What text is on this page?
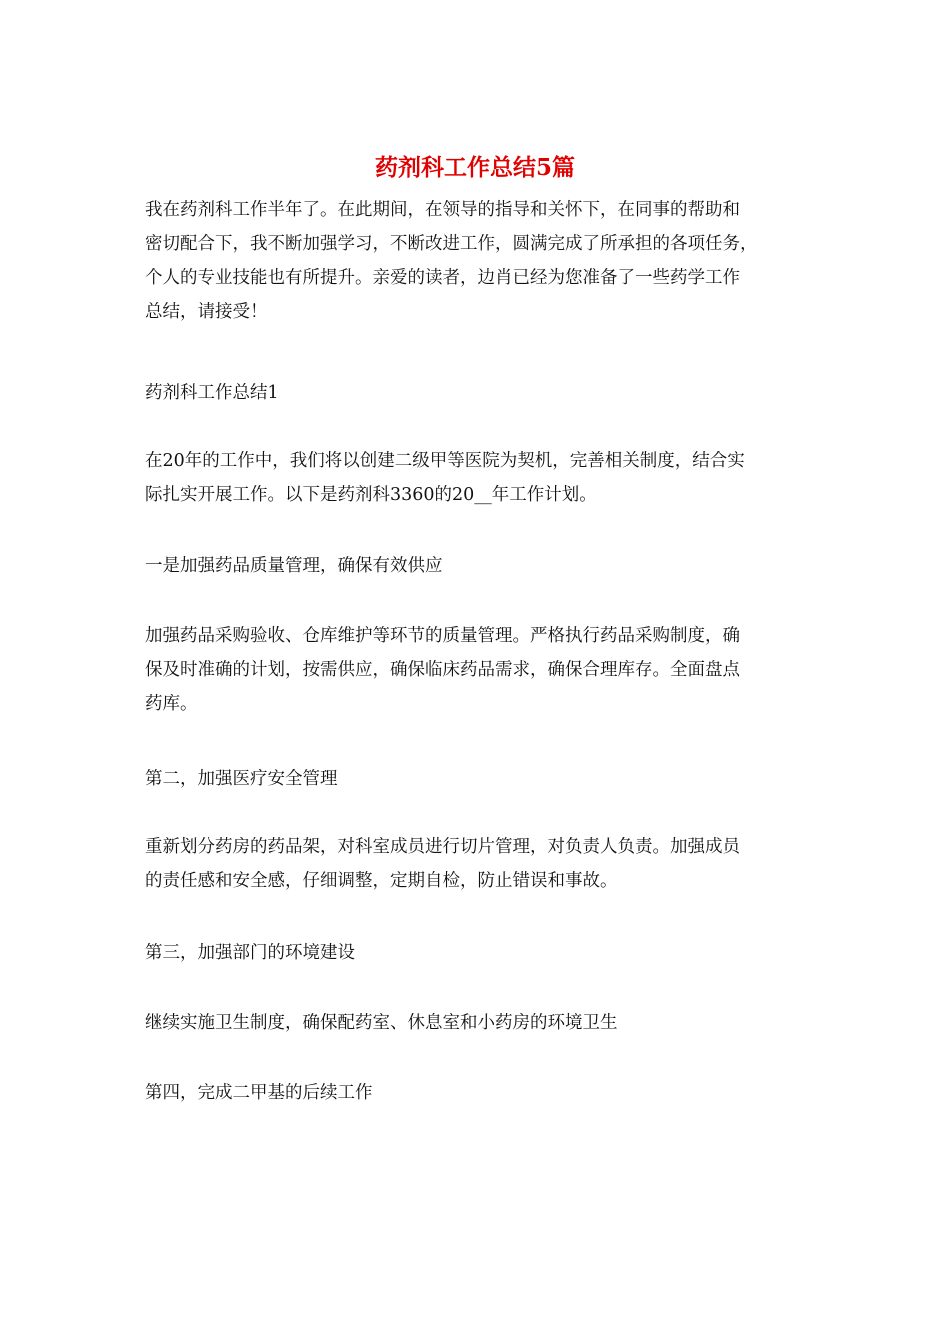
药剂科工作总结5篇

我在药剂科工作半年了。在此期间，在领导的指导和关怀下，在同事的帮助和
密切配合下，我不断加强学习，不断改进工作，圆满完成了所承担的各项任务，
个人的专业技能也有所提升。亲爱的读者，边肖已经为您准备了一些药学工作
总结，请接受！

药剂科工作总结1

在20年的工作中，我们将以创建二级甲等医院为契机，完善相关制度，结合实
际扎实开展工作。以下是药剂科3360的20__年工作计划。

一是加强药品质量管理，确保有效供应

加强药品采购验收、仓库维护等环节的质量管理。严格执行药品采购制度，确
保及时准确的计划，按需供应，确保临床药品需求，确保合理库存。全面盘点
药库。

第二，加强医疗安全管理

重新划分药房的药品架，对科室成员进行切片管理，对负责人负责。加强成员
的责任感和安全感，仔细调整，定期自检，防止错误和事故。

第三，加强部门的环境建设

继续实施卫生制度，确保配药室、休息室和小药房的环境卫生

第四，完成二甲基的后续工作
